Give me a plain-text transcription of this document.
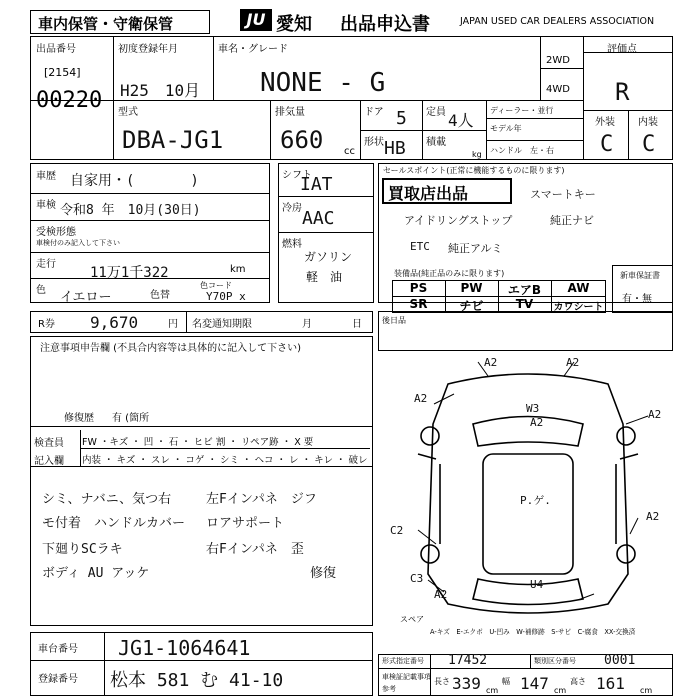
車内保管・守衛保管	JU 愛知 出品申込書	JAPAN USED CAR DEALERS ASSOCIATION
出品番号
[2154]
00220
初度登録年月
H25　10月
車名・グレード
NONE - G
2WD
4WD
評価点
R
型式
DBA-JG1
排気量
660 cc
ドア 5 定員 4人
形状 HB 積載
kg
ディーラー・並行
モデル年
ハンドル　左・右
外装 内装
C C
車歴 自家用・(　　　　)
車検 令和8 年　10月(30日)
受検形態
車検付のみ記入して下さい
走行
11万1千322	km
色 イエロー	色替
色コード
Y70P x
シフト
IAT
冷房 AAC
燃料
ガソリン
軽　油
セールスポイント(正常に機能するものに限ります)
買取店出品	スマートキー
アイドリングストップ	純正ナビ
ETC 純正アルミ
装備品(純正品のみに限ります)
PS	PW	エアB	AW
SR	チビ	TV	カワシート
新車保証書
有・無
R券 9,670	円 名変通知期限	月	日	後日品
注意事項申告欄 (不具合内容等は具体的に記入して下さい)
修復歴 有 (箇所
検査員
記入欄
FW ・キズ ・ 凹 ・ 石 ・ ヒビ 割 ・ リペア跡 ・ X 要
内装 ・ キズ ・ スレ ・ コゲ ・ シミ ・ ヘコ ・ レ ・ キレ ・ 破レ
シミ、ナバニ、気つ右
モ付着　ハンドルカバー
下廻りSCラキ
ボディ AU アッケ
左Fインパネ　ジフ
ロアサポート
右Fインパネ　歪
修復
A2
A2	A2
A2
W3
A2
C2
C3
A2
U4
A2
P.ゲ.
スペア
A-キズ　E-エクボ　U-凹み　W-補修跡　S-サビ　C-腐食　XX-交換済
車台番号 JG1-1064641
登録番号 松本 581 む 41-10
形式指定番号 17452	類別区分番号 0001
車検証記載事項
参考
長さ 339 cm
幅 147 cm
高さ 161 cm
